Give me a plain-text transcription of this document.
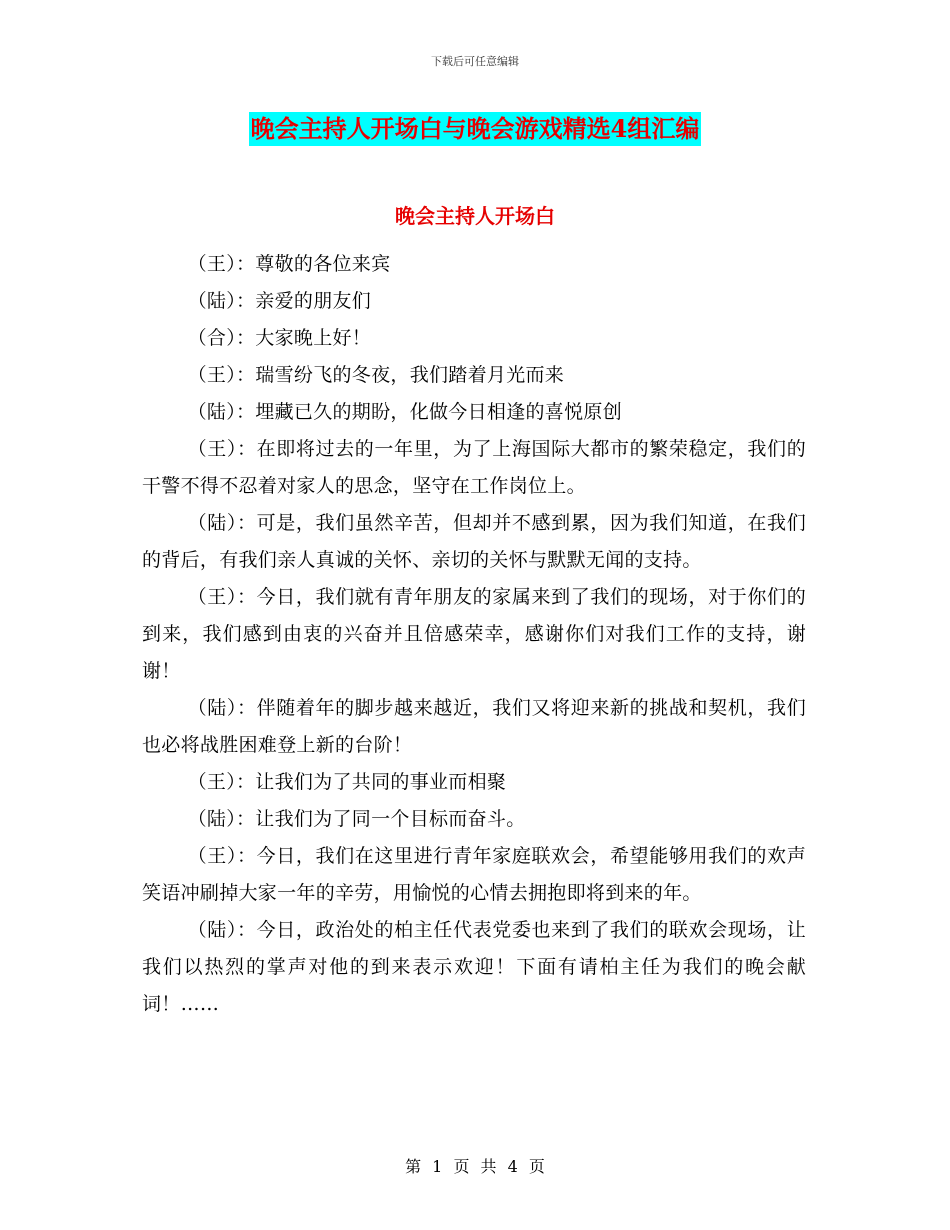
下载后可任意编辑
晚会主持人开场白与晚会游戏精选4组汇编
晚会主持人开场白

（王）：尊敬的各位来宾

（陆）：亲爱的朋友们

（合）：大家晚上好！

（王）：瑞雪纷飞的冬夜，我们踏着月光而来

（陆）：埋藏已久的期盼，化做今日相逢的喜悦原创

（王）：在即将过去的一年里，为了上海国际大都市的繁荣稳定，我们的干警不得不忍着对家人的思念，坚守在工作岗位上。

（陆）：可是，我们虽然辛苦，但却并不感到累，因为我们知道，在我们的背后，有我们亲人真诚的关怀、亲切的关怀与默默无闻的支持。

（王）：今日，我们就有青年朋友的家属来到了我们的现场，对于你们的到来，我们感到由衷的兴奋并且倍感荣幸，感谢你们对我们工作的支持，谢谢！

（陆）：伴随着年的脚步越来越近，我们又将迎来新的挑战和契机，我们也必将战胜困难登上新的台阶！

（王）：让我们为了共同的事业而相聚

（陆）：让我们为了同一个目标而奋斗。

（王）：今日，我们在这里进行青年家庭联欢会，希望能够用我们的欢声笑语冲刷掉大家一年的辛劳，用愉悦的心情去拥抱即将到来的年。

（陆）：今日，政治处的柏主任代表党委也来到了我们的联欢会现场，让我们以热烈的掌声对他的到来表示欢迎！下面有请柏主任为我们的晚会献词！……

第 1 页 共 4 页
